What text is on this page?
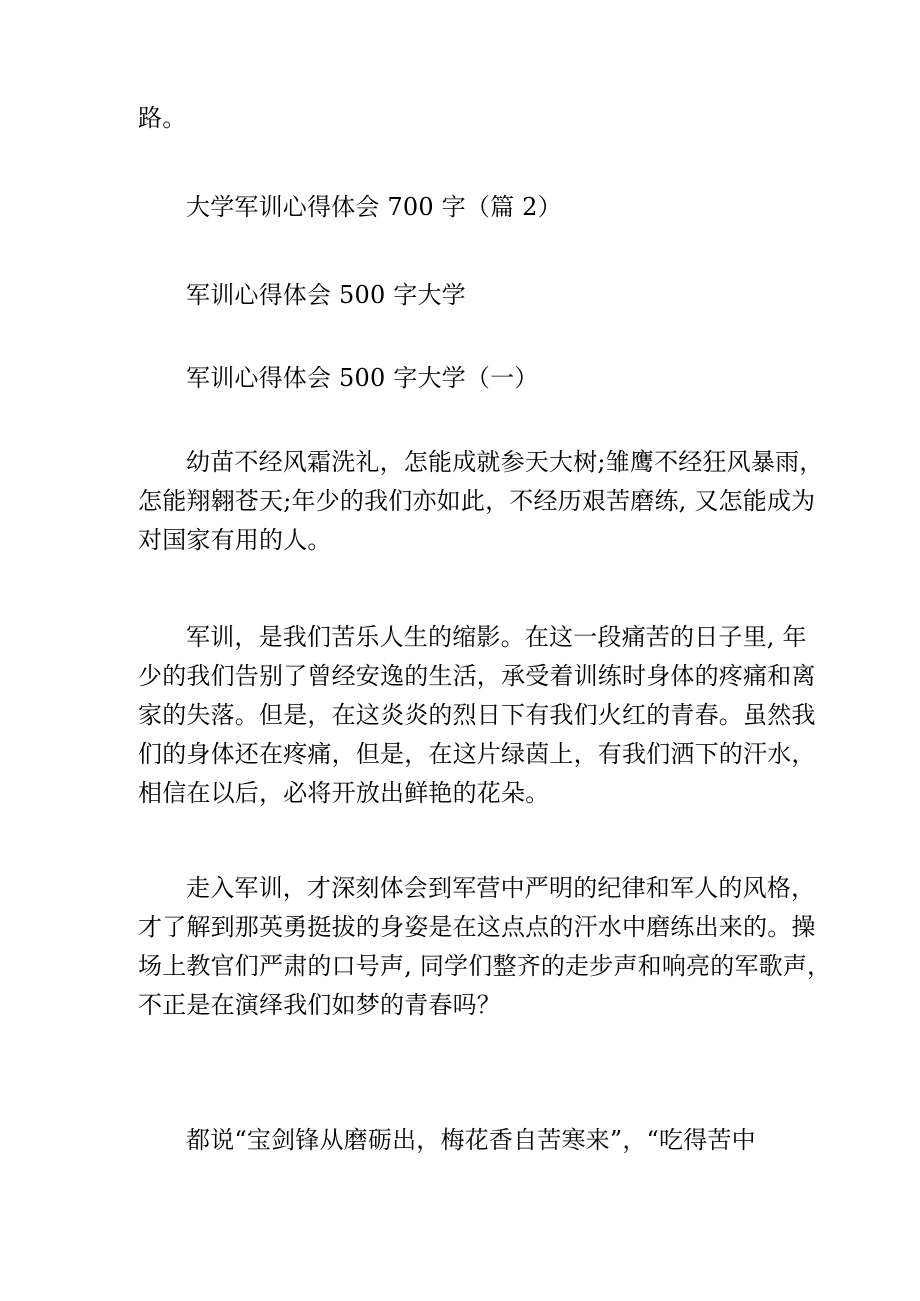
路。

大学军训心得体会 700 字（篇 2）

军训心得体会 500 字大学

军训心得体会 500 字大学（一）

幼苗不经风霜洗礼，怎能成就参天大树;雏鹰不经狂风暴雨，
怎能翔翱苍天;年少的我们亦如此，不经历艰苦磨练, 又怎能成为
对国家有用的人。

军训，是我们苦乐人生的缩影。在这一段痛苦的日子里, 年
少的我们告别了曾经安逸的生活，承受着训练时身体的疼痛和离
家的失落。但是，在这炎炎的烈日下有我们火红的青春。虽然我
们的身体还在疼痛，但是，在这片绿茵上，有我们洒下的汗水，
相信在以后，必将开放出鲜艳的花朵。

走入军训，才深刻体会到军营中严明的纪律和军人的风格，
才了解到那英勇挺拔的身姿是在这点点的汗水中磨练出来的。操
场上教官们严肃的口号声, 同学们整齐的走步声和响亮的军歌声，
不正是在演绎我们如梦的青春吗？

都说“宝剑锋从磨砺出，梅花香自苦寒来”，“吃得苦中
